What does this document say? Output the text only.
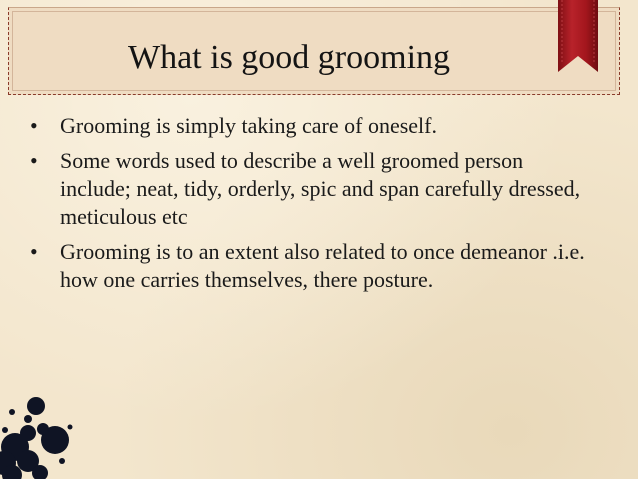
What is good grooming
• Grooming is simply taking care of oneself.
• Some words used to describe a well groomed person include; neat, tidy, orderly, spic and span carefully dressed, meticulous etc
• Grooming is to an extent also related to once demeanor .i.e. how one carries themselves, there posture.
